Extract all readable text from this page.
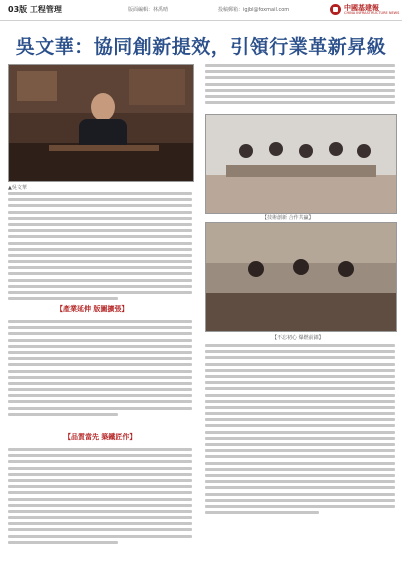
03版 工程管理	版面編輯：林禹晴	投稿郵箱：igjbl@foxmail.com	中國基建報
CHINA INFRASTRUCTURE NEWS
吳文華：協同創新提效，引領行業革新昇級
▲吳文華
【技術創新 合作共贏】
【不忘初心 爆燃前錦】
【產業延伸 版圖擴張】
【品質當先 築鐵匠作】
